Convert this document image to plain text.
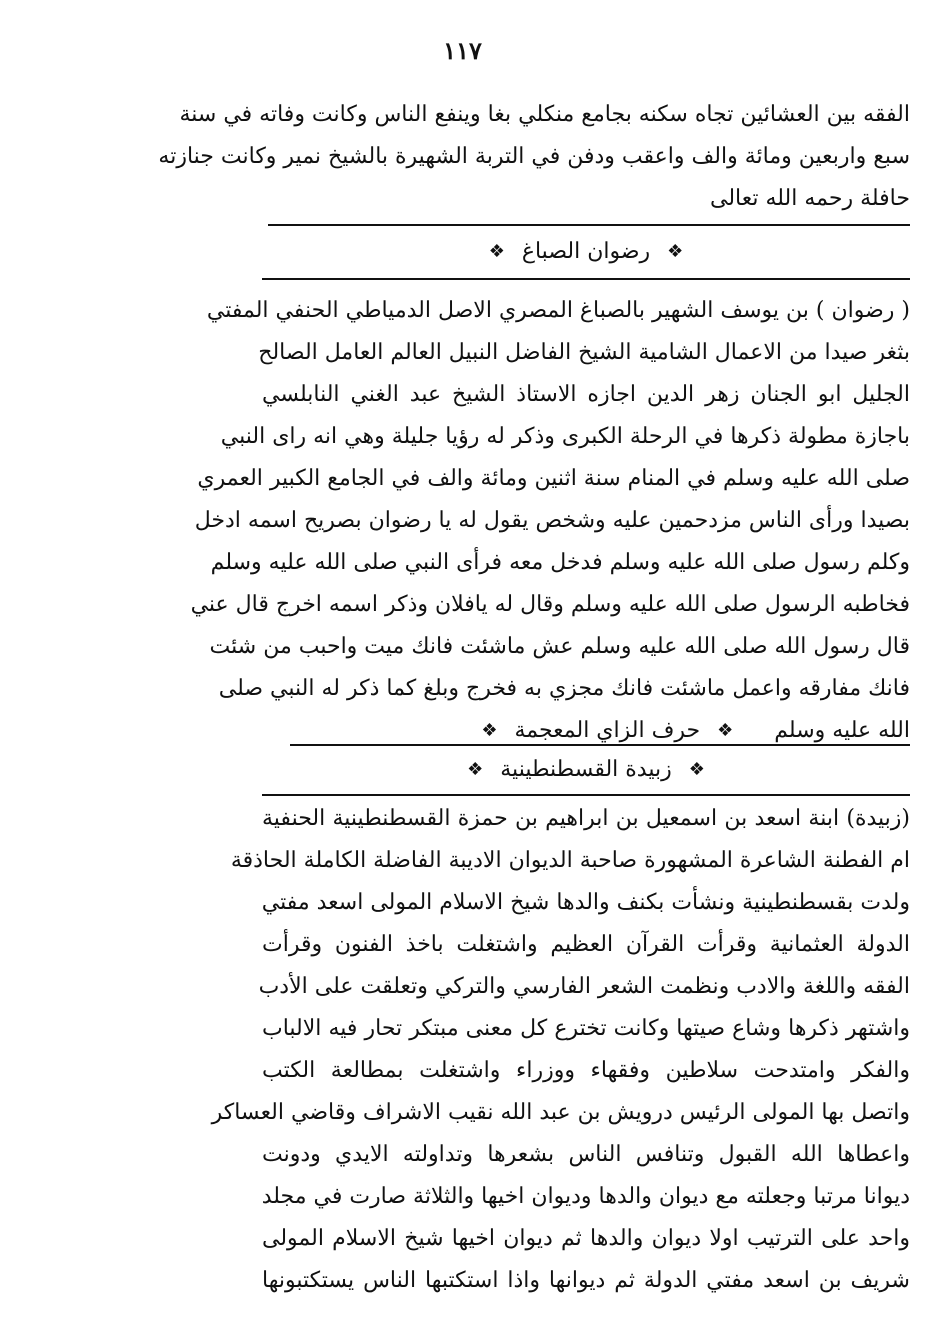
١١٧
الفقه بين العشائين تجاه سكنه بجامع منكلي بغا وينفع الناس وكانت وفاته في سنة
سبع واربعين ومائة والف واعقب ودفن في التربة الشهيرة بالشيخ نمير وكانت جنازته
حافلة رحمه الله تعالى
❖ رضوان الصباغ ❖
( رضوان ) بن يوسف الشهير بالصباغ المصري الاصل الدمياطي الحنفي المفتي
بثغر صيدا من الاعمال الشامية الشيخ الفاضل النبيل العالم العامل الصالح
الجليل ابو الجنان زهر الدين اجازه الاستاذ الشيخ عبد الغني النابلسي
باجازة مطولة ذكرها في الرحلة الكبرى وذكر له رؤيا جليلة وهي انه راى النبي
صلى الله عليه وسلم في المنام سنة اثنين ومائة والف في الجامع الكبير العمري
بصيدا ورأى الناس مزدحمين عليه وشخص يقول له يا رضوان بصريح اسمه ادخل
وكلم رسول صلى الله عليه وسلم فدخل معه فرأى النبي صلى الله عليه وسلم
فخاطبه الرسول صلى الله عليه وسلم وقال له يافلان وذكر اسمه اخرج قال عني
قال رسول الله صلى الله عليه وسلم عش ماشئت فانك ميت واحبب من شئت
فانك مفارقه واعمل ماشئت فانك مجزي به فخرج وبلغ كما ذكر له النبي صلى
الله عليه وسلم ❖ حرف الزاي المعجمة ❖
❖ زبيدة القسطنطينية ❖
(زبيدة) ابنة اسعد بن اسمعيل بن ابراهيم بن حمزة القسطنطينية الحنفية
ام الفطنة الشاعرة المشهورة صاحبة الديوان الاديبة الفاضلة الكاملة الحاذقة
ولدت بقسطنطينية ونشأت بكنف والدها شيخ الاسلام المولى اسعد مفتي
الدولة العثمانية وقرأت القرآن العظيم واشتغلت باخذ الفنون وقرأت
الفقه واللغة والادب ونظمت الشعر الفارسي والتركي وتعلقت على الأدب
واشتهر ذكرها وشاع صيتها وكانت تخترع كل معنى مبتكر تحار فيه الالباب
والفكر وامتدحت سلاطين وفقهاء ووزراء واشتغلت بمطالعة الكتب
واتصل بها المولى الرئيس درويش بن عبد الله نقيب الاشراف وقاضي العساكر
واعطاها الله القبول وتنافس الناس بشعرها وتداولته الايدي ودونت
ديوانا مرتبا وجعلته مع ديوان والدها وديوان اخيها والثلاثة صارت في مجلد
واحد على الترتيب اولا ديوان والدها ثم ديوان اخيها شيخ الاسلام المولى
شريف بن اسعد مفتي الدولة ثم ديوانها واذا استكتبها الناس يستكتبونها
